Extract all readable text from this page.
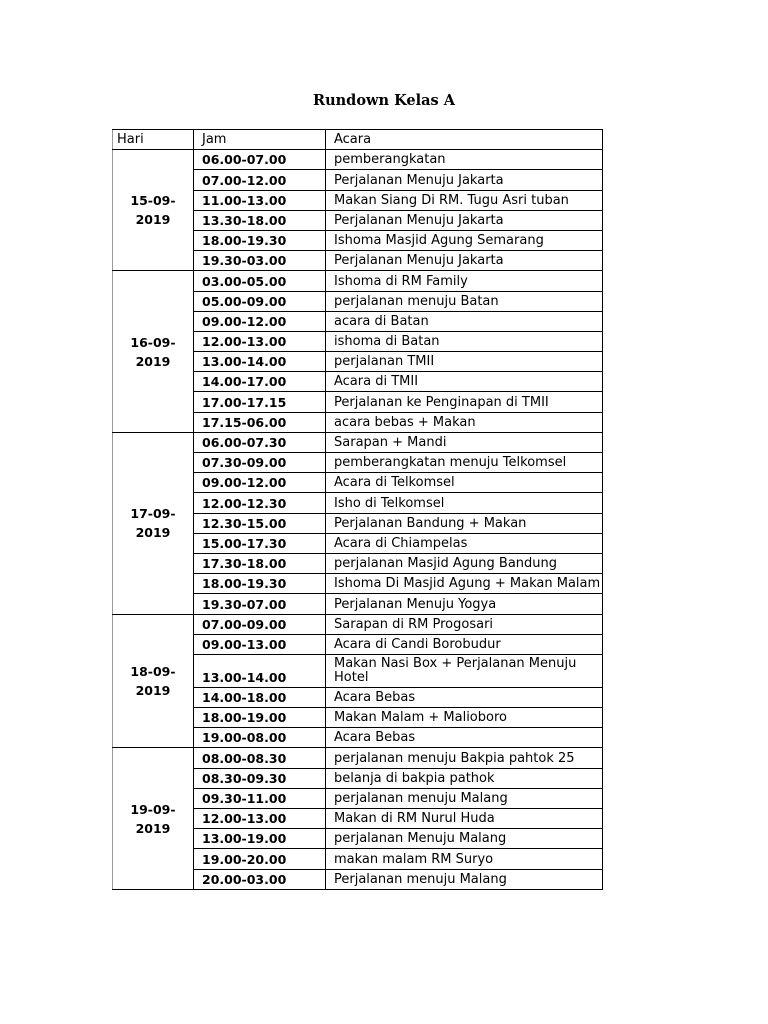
Rundown Kelas A
Hari	Jam	Acara

15-09-
2019	06.00-07.00	pemberangkatan
	07.00-12.00	Perjalanan Menuju Jakarta
	11.00-13.00	Makan Siang Di RM. Tugu Asri tuban
	13.30-18.00	Perjalanan Menuju Jakarta
	18.00-19.30	Ishoma Masjid Agung Semarang
	19.30-03.00	Perjalanan Menuju Jakarta

16-09-
2019	03.00-05.00	Ishoma di RM Family
	05.00-09.00	perjalanan menuju Batan
	09.00-12.00	acara di Batan
	12.00-13.00	ishoma di Batan
	13.00-14.00	perjalanan TMII
	14.00-17.00	Acara di TMII
	17.00-17.15	Perjalanan ke Penginapan di TMII
	17.15-06.00	acara bebas + Makan

17-09-
2019	06.00-07.30	Sarapan + Mandi
	07.30-09.00	pemberangkatan menuju Telkomsel
	09.00-12.00	Acara di Telkomsel
	12.00-12.30	Isho di Telkomsel
	12.30-15.00	Perjalanan Bandung + Makan
	15.00-17.30	Acara di Chiampelas
	17.30-18.00	perjalanan Masjid Agung Bandung
	18.00-19.30	Ishoma Di Masjid Agung + Makan Malam
	19.30-07.00	Perjalanan Menuju Yogya

18-09-
2019	07.00-09.00	Sarapan di RM Progosari
	09.00-13.00	Acara di Candi Borobudur
	13.00-14.00	Makan Nasi Box + Perjalanan Menuju Hotel
	14.00-18.00	Acara Bebas
	18.00-19.00	Makan Malam + Malioboro
	19.00-08.00	Acara Bebas

19-09-
2019	08.00-08.30	perjalanan menuju Bakpia pahtok 25
	08.30-09.30	belanja di bakpia pathok
	09.30-11.00	perjalanan menuju Malang
	12.00-13.00	Makan di RM Nurul Huda
	13.00-19.00	perjalanan Menuju Malang
	19.00-20.00	makan malam RM Suryo
	20.00-03.00	Perjalanan menuju Malang
